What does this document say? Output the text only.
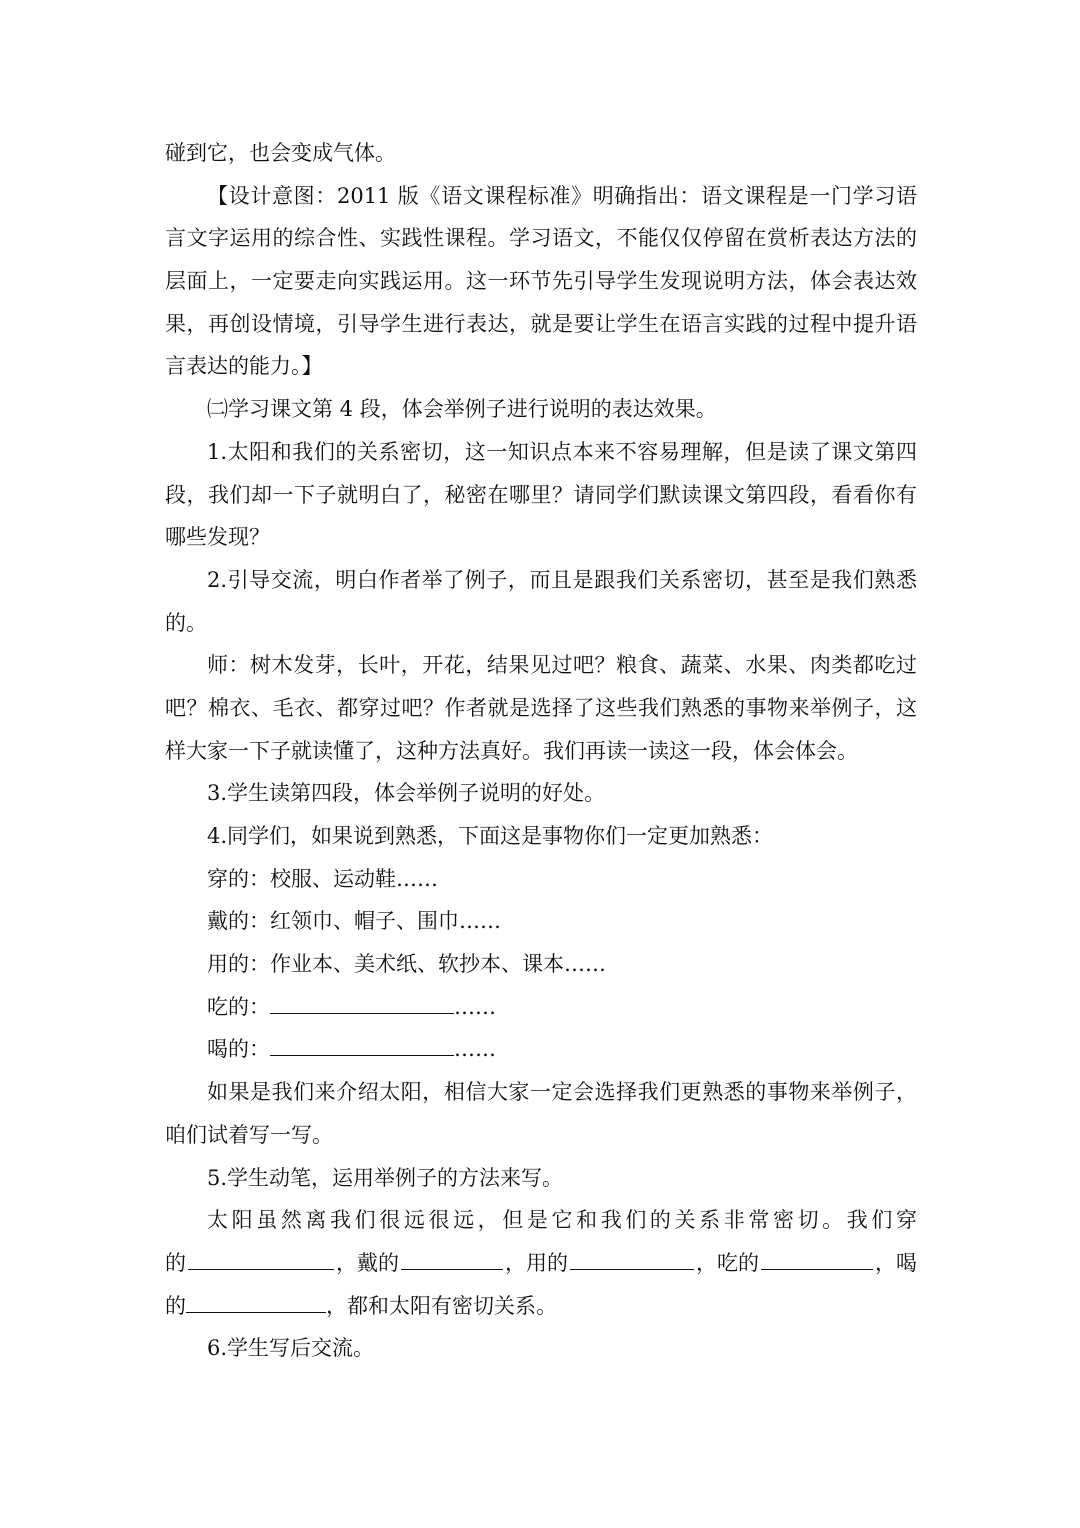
碰到它，也会变成气体。
【设计意图：2011 版《语文课程标准》明确指出：语文课程是一门学习语
言文字运用的综合性、实践性课程。学习语文，不能仅仅停留在赏析表达方法的
层面上，一定要走向实践运用。这一环节先引导学生发现说明方法，体会表达效
果，再创设情境，引导学生进行表达，就是要让学生在语言实践的过程中提升语
言表达的能力。】
㈡学习课文第 4 段，体会举例子进行说明的表达效果。
1.太阳和我们的关系密切，这一知识点本来不容易理解，但是读了课文第四
段，我们却一下子就明白了，秘密在哪里？请同学们默读课文第四段，看看你有
哪些发现？
2.引导交流，明白作者举了例子，而且是跟我们关系密切，甚至是我们熟悉
的。
师：树木发芽，长叶，开花，结果见过吧？粮食、蔬菜、水果、肉类都吃过
吧？棉衣、毛衣、都穿过吧？作者就是选择了这些我们熟悉的事物来举例子，这
样大家一下子就读懂了，这种方法真好。我们再读一读这一段，体会体会。
3.学生读第四段，体会举例子说明的好处。
4.同学们，如果说到熟悉，下面这是事物你们一定更加熟悉：
穿的：校服、运动鞋……
戴的：红领巾、帽子、围巾……
用的：作业本、美术纸、软抄本、课本……
吃的：	……
喝的：	……
如果是我们来介绍太阳，相信大家一定会选择我们更熟悉的事物来举例子，
咱们试着写一写。
5.学生动笔，运用举例子的方法来写。
太阳虽然离我们很远很远，但是它和我们的关系非常密切。我们穿
的	，戴的	，用的	，吃的	，喝
的	，都和太阳有密切关系。
6.学生写后交流。
